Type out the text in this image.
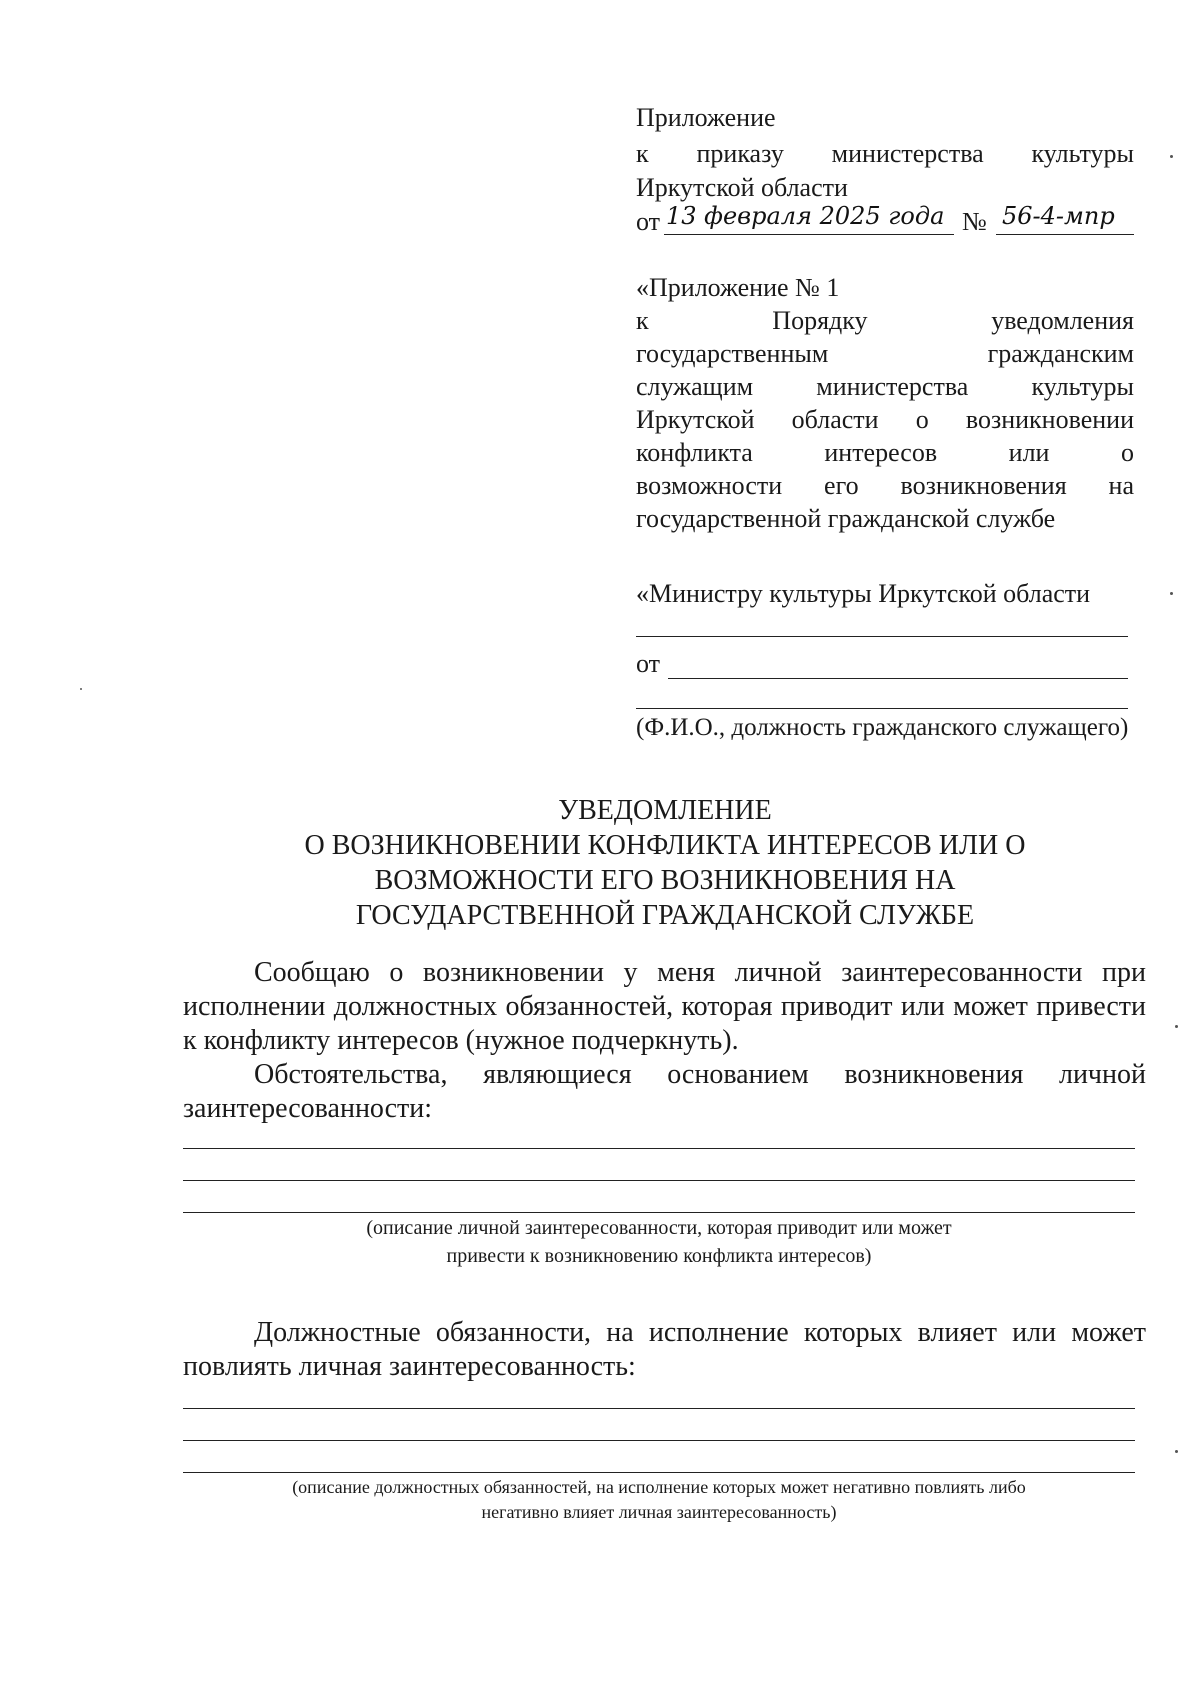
Приложение
к приказу министерства культуры
Иркутской области
от 13 февраля 2025 года № 56-4-мпр
«Приложение № 1
к Порядку уведомления
государственным гражданским
служащим министерства культуры
Иркутской области о возникновении
конфликта интересов или о
возможности его возникновения на
государственной гражданской службе
«Министру культуры Иркутской области
от
(Ф.И.О., должность гражданского служащего)
УВЕДОМЛЕНИЕ
О ВОЗНИКНОВЕНИИ КОНФЛИКТА ИНТЕРЕСОВ ИЛИ О
ВОЗМОЖНОСТИ ЕГО ВОЗНИКНОВЕНИЯ НА
ГОСУДАРСТВЕННОЙ ГРАЖДАНСКОЙ СЛУЖБЕ
Сообщаю о возникновении у меня личной заинтересованности при
исполнении должностных обязанностей, которая приводит или может привести
к конфликту интересов (нужное подчеркнуть).
Обстоятельства, являющиеся основанием возникновения личной
заинтересованности:
(описание личной заинтересованности, которая приводит или может
привести к возникновению конфликта интересов)
Должностные обязанности, на исполнение которых влияет или может
повлиять личная заинтересованность:
(описание должностных обязанностей, на исполнение которых может негативно повлиять либо
негативно влияет личная заинтересованность)
